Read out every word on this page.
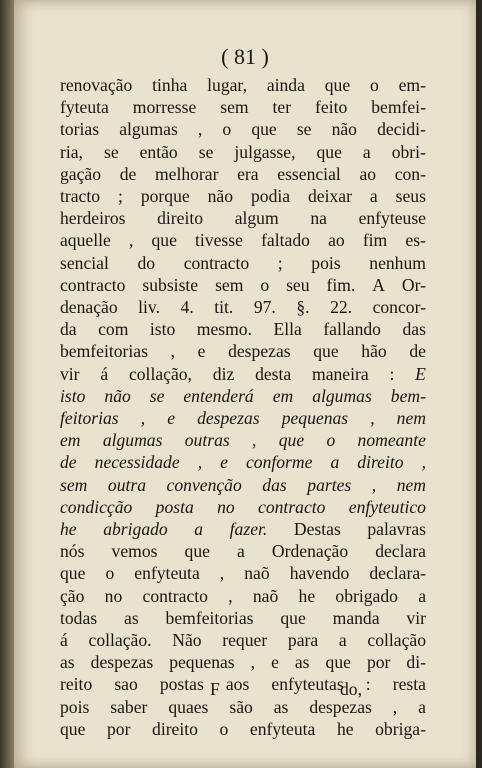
( 81 )
renovação tinha lugar, ainda que o em-
fyteuta morresse sem ter feito bemfei-
torias algumas , o que se não decidi-
ria, se então se julgasse, que a obri-
gação de melhorar era essencial ao con-
tracto ; porque não podia deixar a seus
herdeiros direito algum na enfyteuse
aquelle , que tivesse faltado ao fim es-
sencial do contracto ; pois nenhum
contracto subsiste sem o seu fim. A Or-
denação liv. 4. tit. 97. §. 22. concor-
da com isto mesmo. Ella fallando das
bemfeitorias , e despezas que hão de
vir á collação, diz desta maneira : E
isto não se entenderá em algumas bem-
feitorias , e despezas pequenas , nem
em algumas outras , que o nomeante
de necessidade , e conforme a direito ,
sem outra convenção das partes , nem
condicção posta no contracto enfyteutico
he abrigado a fazer. Destas palavras
nós vemos que a Ordenação declara
que o enfyteuta , naõ havendo declara-
ção no contracto , naõ he obrigado a
todas as bemfeitorias que manda vir
á collação. Não requer para a collação
as despezas pequenas , e as que por di-
reito sao postas aos enfyteutas : resta
pois saber quaes são as despezas , a
que por direito o enfyteuta he obriga-
F	do,
